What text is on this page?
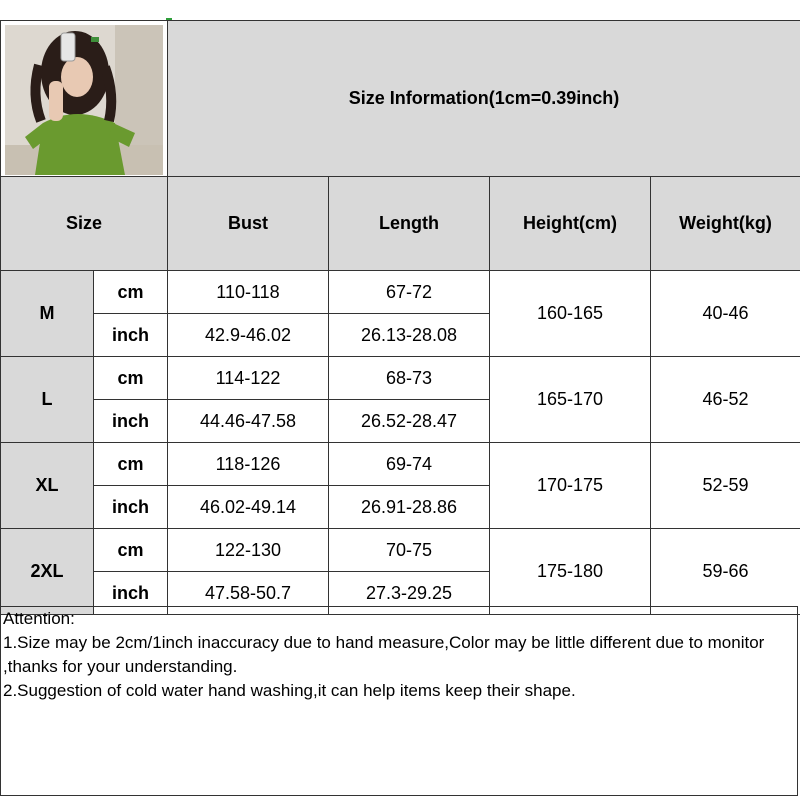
	Size Information(1cm=0.39inch)			
Size		Bust	Length	Height(cm)	Weight(kg)
M	cm	110-118	67-72	160-165	40-46
	inch	42.9-46.02	26.13-28.08		
L	cm	114-122	68-73	165-170	46-52
	inch	44.46-47.58	26.52-28.47		
XL	cm	118-126	69-74	170-175	52-59
	inch	46.02-49.14	26.91-28.86		
2XL	cm	122-130	70-75	175-180	59-66
	inch	47.58-50.7	27.3-29.25		
Attention:
1.Size may be 2cm/1inch inaccuracy due to hand measure,Color may be little different due to monitor ,thanks for your understanding.
2.Suggestion of cold water hand washing,it can help items keep their shape.
